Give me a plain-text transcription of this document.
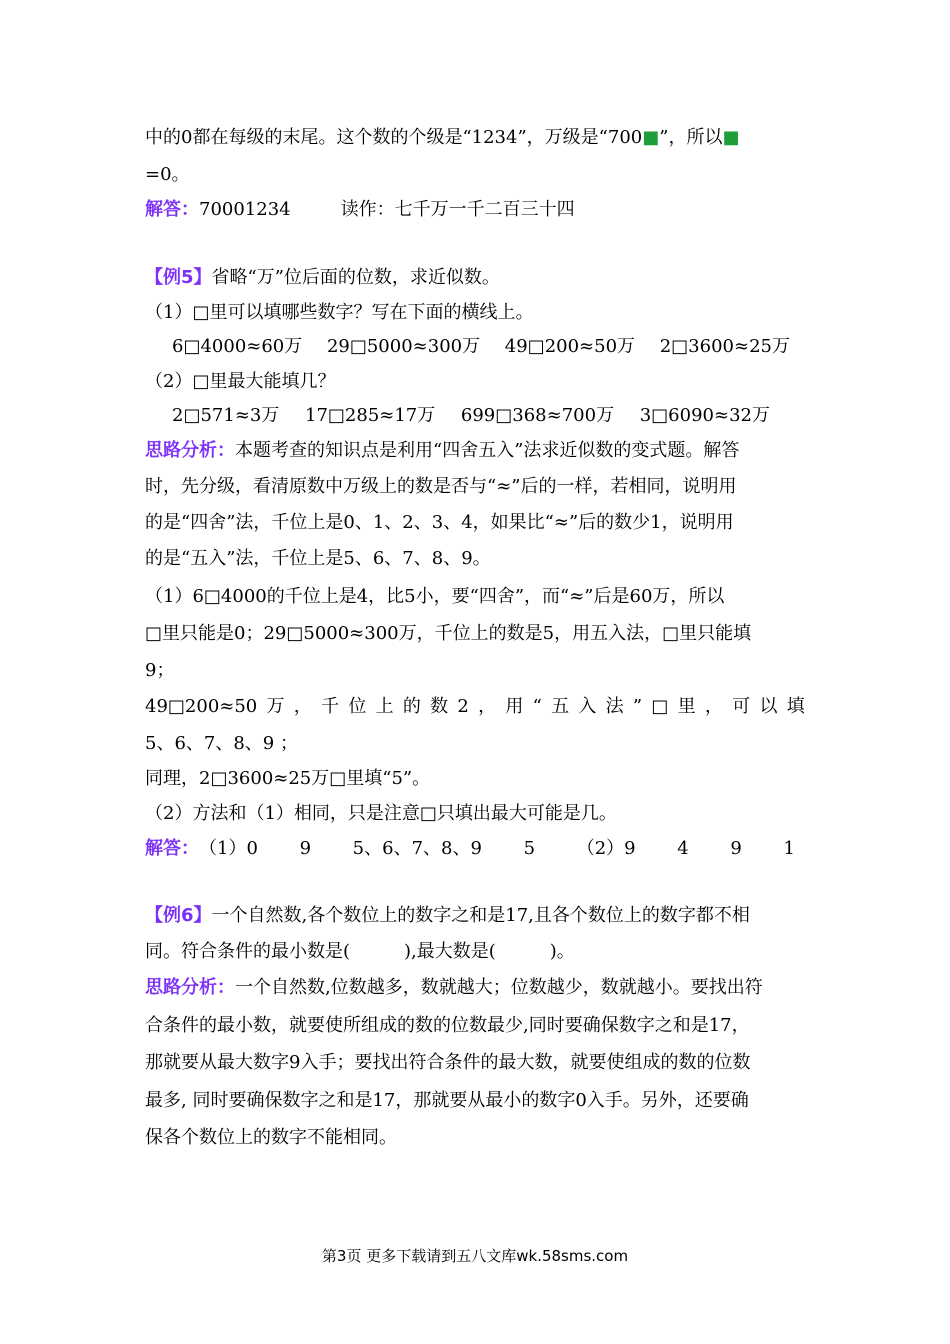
中的0都在每级的末尾。这个数的个级是“1234”，万级是“700■”，所以■
=0。
解答：70001234	读作：七千万一千二百三十四
【例5】省略“万”位后面的位数，求近似数。
（1）□里可以填哪些数字？写在下面的横线上。
6□4000≈60万 29□5000≈300万 49□200≈50万 2□3600≈25万
（2）□里最大能填几？
2□571≈3万 17□285≈17万 699□368≈700万 3□6090≈32万
思路分析：本题考查的知识点是利用“四舍五入”法求近似数的变式题。解答
时，先分级，看清原数中万级上的数是否与“≈”后的一样，若相同，说明用
的是“四舍”法，千位上是0、1、2、3、4，如果比“≈”后的数少1，说明用
的是“五入”法，千位上是5、6、7、8、9。
（1）6□4000的千位上是4，比5小，要“四舍”，而“≈”后是60万，所以
□里只能是0；29□5000≈300万，千位上的数是5，用五入法，□里只能填
9；
49□200≈50 万 ， 千 位 上 的 数 2 ， 用 “ 五 入 法 ” □ 里 ， 可 以 填
5、6、7、8、9 ；
同理，2□3600≈25万□里填“5”。
（2）方法和（1）相同，只是注意□只填出最大可能是几。
解答： （1）0 9 5、6、7、8、9 5 （2）9 4 9 1
【例6】一个自然数,各个数位上的数字之和是17,且各个数位上的数字都不相
同。符合条件的最小数是(　　　),最大数是(　　　)。
思路分析：一个自然数,位数越多，数就越大；位数越少，数就越小。要找出符
合条件的最小数，就要使所组成的数的位数最少,同时要确保数字之和是17，
那就要从最大数字9入手；要找出符合条件的最大数，就要使组成的数的位数
最多, 同时要确保数字之和是17，那就要从最小的数字0入手。另外，还要确
保各个数位上的数字不能相同。
第3页 更多下载请到五八文库wk.58sms.com
